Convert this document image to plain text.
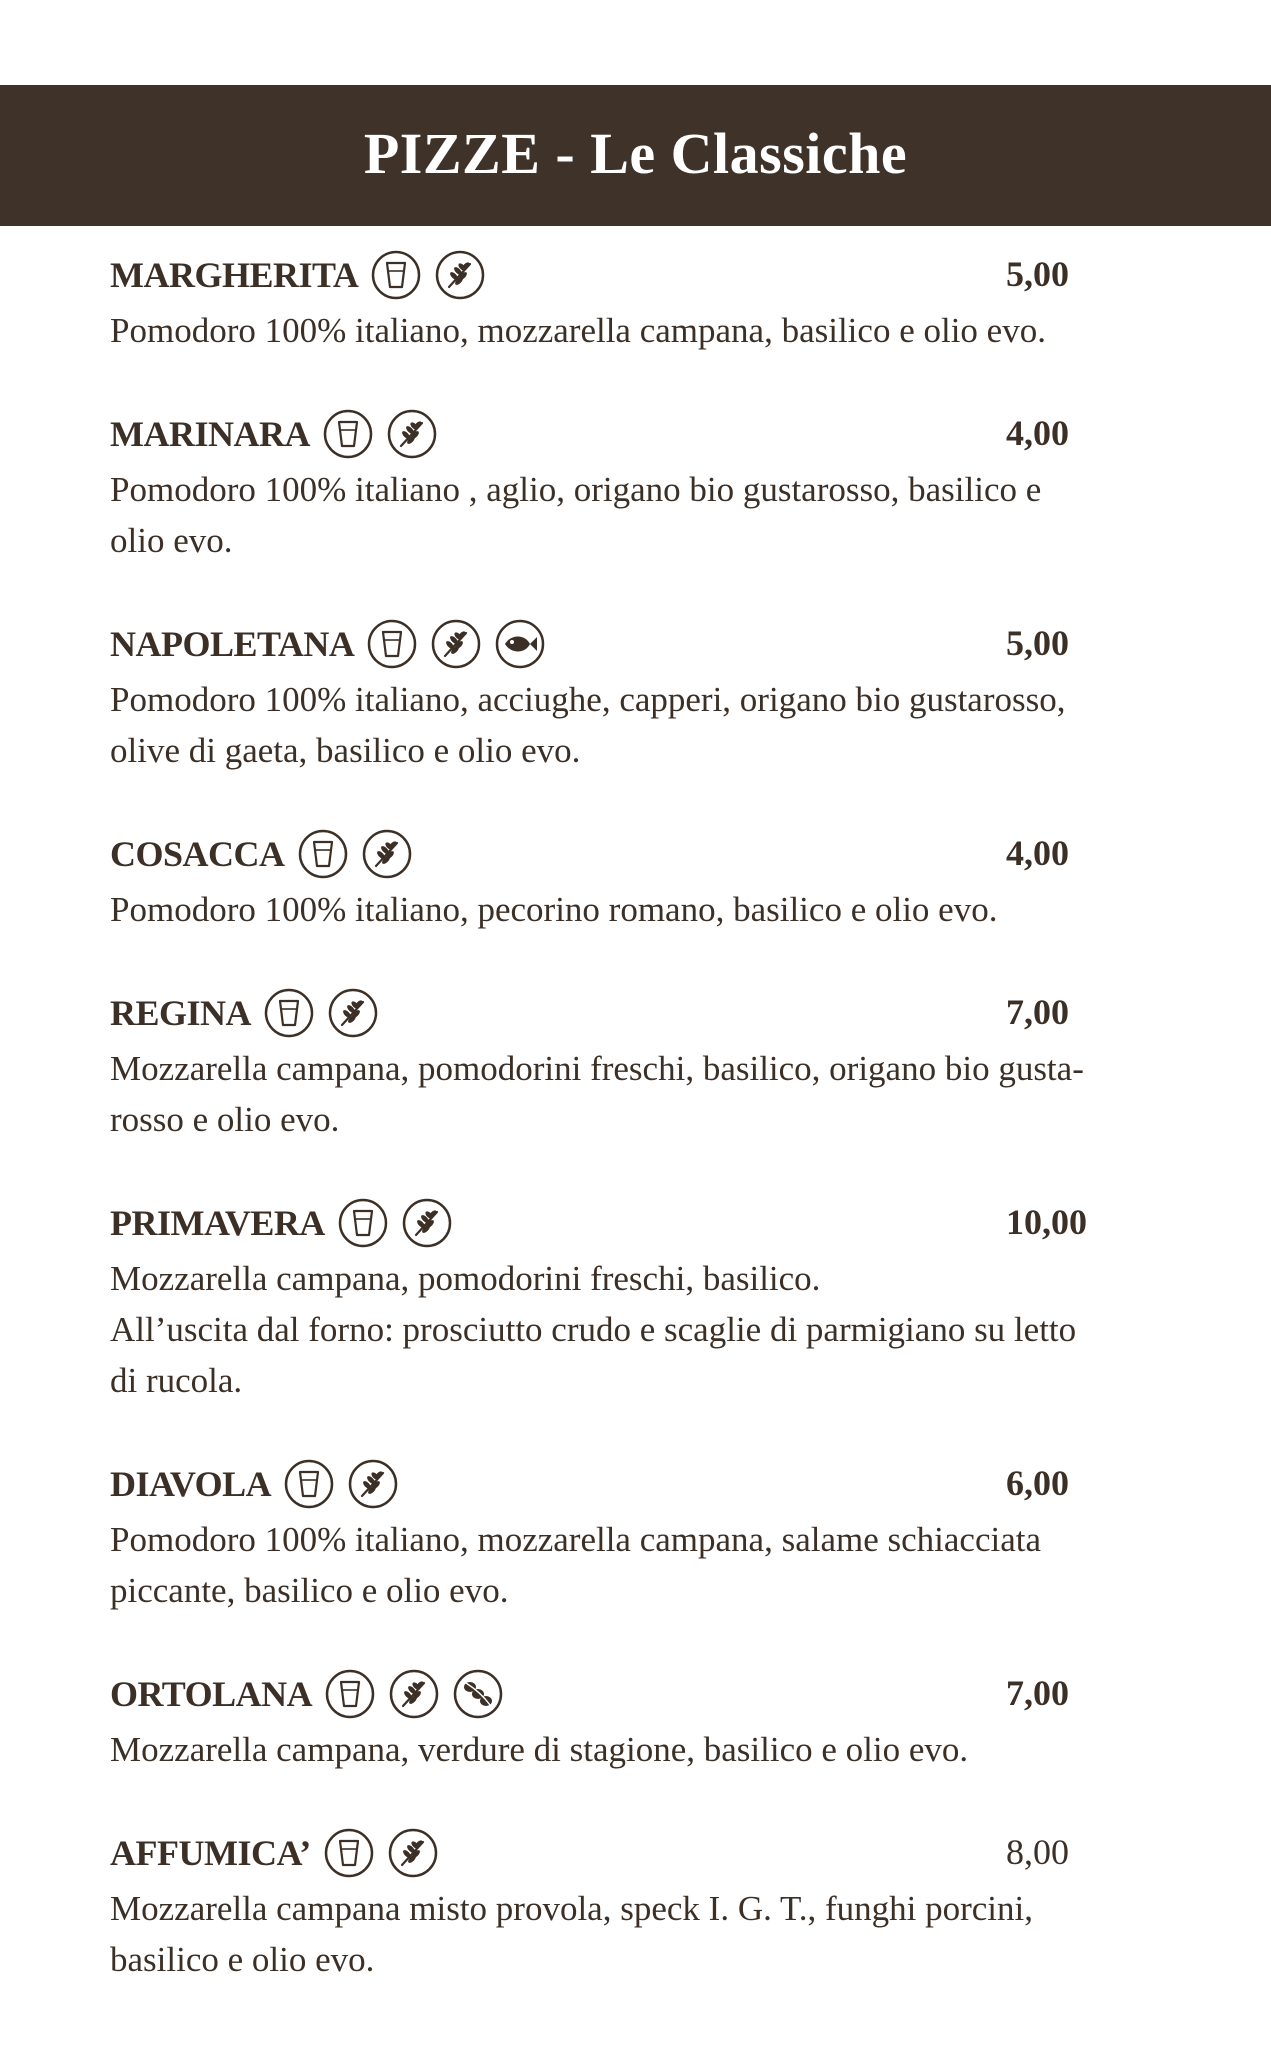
PIZZE - Le Classiche
MARGHERITA	5,00
Pomodoro 100% italiano, mozzarella campana, basilico e olio evo.
MARINARA	4,00
Pomodoro 100% italiano , aglio, origano bio gustarosso, basilico e
olio evo.
NAPOLETANA	5,00
Pomodoro 100% italiano, acciughe, capperi, origano bio gustarosso,
olive di gaeta, basilico e olio evo.
COSACCA	4,00
Pomodoro 100% italiano, pecorino romano, basilico e olio evo.
REGINA	7,00
Mozzarella campana, pomodorini freschi, basilico, origano bio gusta-
rosso e olio evo.
PRIMAVERA	10,00
Mozzarella campana, pomodorini freschi, basilico.
All’uscita dal forno: prosciutto crudo e scaglie di parmigiano su letto
di rucola.
DIAVOLA	6,00
Pomodoro 100% italiano, mozzarella campana, salame schiacciata
piccante, basilico e olio evo.
ORTOLANA	7,00
Mozzarella campana, verdure di stagione, basilico e olio evo.
AFFUMICA’	8,00
Mozzarella campana misto provola, speck I. G. T., funghi porcini,
basilico e olio evo.
